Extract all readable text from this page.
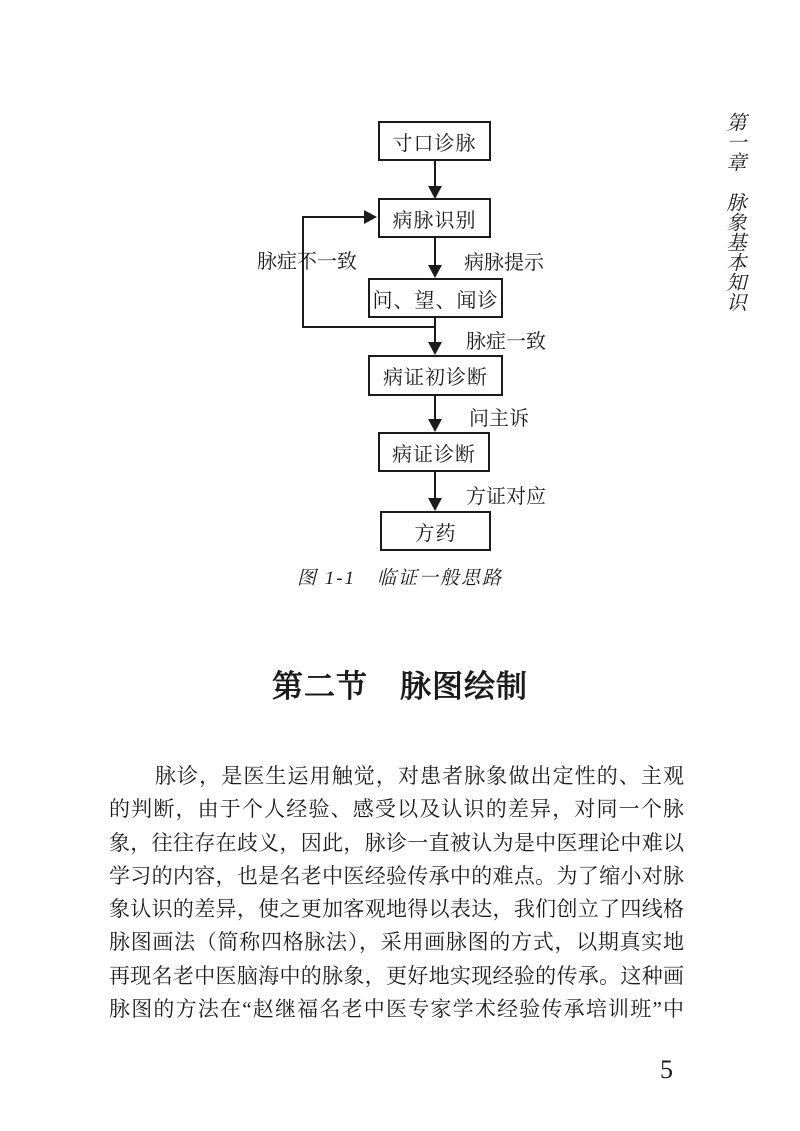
第一章　脉象基本知识
寸口诊脉
病脉识别
问、望、闻诊
病证初诊断
病证诊断
方药
脉症不一致	病脉提示
脉症一致
问主诉
方证对应
图 1-1　临证一般思路
第二节　脉图绘制
脉诊，是医生运用触觉，对患者脉象做出定性的、主观
的判断，由于个人经验、感受以及认识的差异，对同一个脉
象，往往存在歧义，因此，脉诊一直被认为是中医理论中难以
学习的内容，也是名老中医经验传承中的难点。为了缩小对脉
象认识的差异，使之更加客观地得以表达，我们创立了四线格
脉图画法（简称四格脉法），采用画脉图的方式，以期真实地
再现名老中医脑海中的脉象，更好地实现经验的传承。这种画
脉图的方法在“赵继福名老中医专家学术经验传承培训班”中
5
